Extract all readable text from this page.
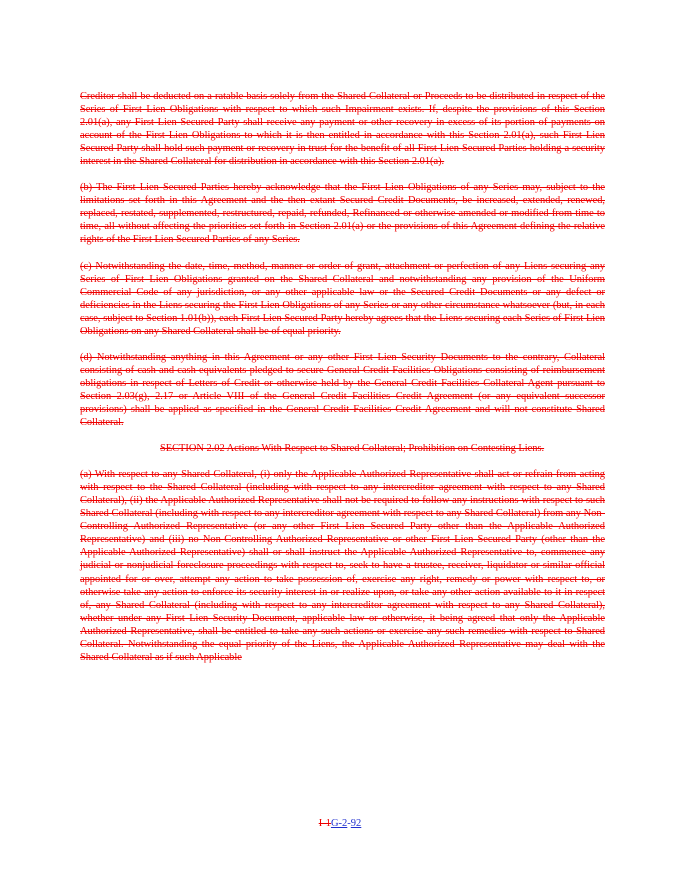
Creditor shall be deducted on a ratable basis solely from the Shared Collateral or Proceeds to be distributed in respect of the Series of First Lien Obligations with respect to which such Impairment exists. If, despite the provisions of this Section 2.01(a), any First Lien Secured Party shall receive any payment or other recovery in excess of its portion of payments on account of the First Lien Obligations to which it is then entitled in accordance with this Section 2.01(a), such First Lien Secured Party shall hold such payment or recovery in trust for the benefit of all First Lien Secured Parties holding a security interest in the Shared Collateral for distribution in accordance with this Section 2.01(a).

(b) The First Lien Secured Parties hereby acknowledge that the First Lien Obligations of any Series may, subject to the limitations set forth in this Agreement and the then extant Secured Credit Documents, be increased, extended, renewed, replaced, restated, supplemented, restructured, repaid, refunded, Refinanced or otherwise amended or modified from time to time, all without affecting the priorities set forth in Section 2.01(a) or the provisions of this Agreement defining the relative rights of the First Lien Secured Parties of any Series.

(c) Notwithstanding the date, time, method, manner or order of grant, attachment or perfection of any Liens securing any Series of First Lien Obligations granted on the Shared Collateral and notwithstanding any provision of the Uniform Commercial Code of any jurisdiction, or any other applicable law or the Secured Credit Documents or any defect or deficiencies in the Liens securing the First Lien Obligations of any Series or any other circumstance whatsoever (but, in each case, subject to Section 1.01(b)), each First Lien Secured Party hereby agrees that the Liens securing each Series of First Lien Obligations on any Shared Collateral shall be of equal priority.

(d) Notwithstanding anything in this Agreement or any other First Lien Security Documents to the contrary, Collateral consisting of cash and cash equivalents pledged to secure General Credit Facilities Obligations consisting of reimbursement obligations in respect of Letters of Credit or otherwise held by the General Credit Facilities Collateral Agent pursuant to Section 2.03(g), 2.17 or Article VIII of the General Credit Facilities Credit Agreement (or any equivalent successor provisions) shall be applied as specified in the General Credit Facilities Credit Agreement and will not constitute Shared Collateral.

SECTION 2.02 Actions With Respect to Shared Collateral; Prohibition on Contesting Liens.

(a) With respect to any Shared Collateral, (i) only the Applicable Authorized Representative shall act or refrain from acting with respect to the Shared Collateral (including with respect to any intercreditor agreement with respect to any Shared Collateral), (ii) the Applicable Authorized Representative shall not be required to follow any instructions with respect to such Shared Collateral (including with respect to any intercreditor agreement with respect to any Shared Collateral) from any Non-Controlling Authorized Representative (or any other First Lien Secured Party other than the Applicable Authorized Representative) and (iii) no Non-Controlling Authorized Representative or other First Lien Secured Party (other than the Applicable Authorized Representative) shall or shall instruct the Applicable Authorized Representative to, commence any judicial or nonjudicial foreclosure proceedings with respect to, seek to have a trustee, receiver, liquidator or similar official appointed for or over, attempt any action to take possession of, exercise any right, remedy or power with respect to, or otherwise take any action to enforce its security interest in or realize upon, or take any other action available to it in respect of, any Shared Collateral (including with respect to any intercreditor agreement with respect to any Shared Collateral), whether under any First Lien Security Document, applicable law or otherwise, it being agreed that only the Applicable Authorized Representative, shall be entitled to take any such actions or exercise any such remedies with respect to Shared Collateral. Notwithstanding the equal priority of the Liens, the Applicable Authorized Representative may deal with the Shared Collateral as if such Applicable

I-1G-2-92
